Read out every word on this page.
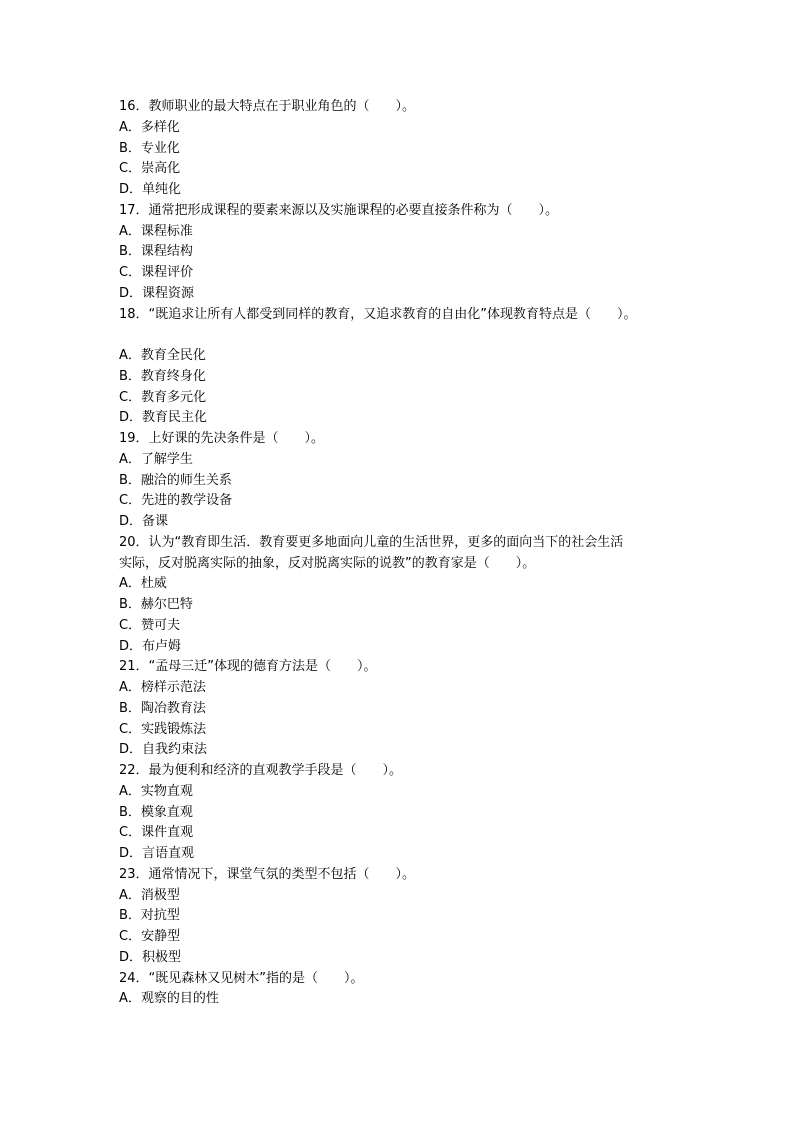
16．教师职业的最大特点在于职业角色的（　　）。
A．多样化
B．专业化
C．崇高化
D．单纯化
17．通常把形成课程的要素来源以及实施课程的必要直接条件称为（　　）。
A．课程标准
B．课程结构
C．课程评价
D．课程资源
18．“既追求让所有人都受到同样的教育，又追求教育的自由化”体现教育特点是（　　）。
A．教育全民化
B．教育终身化
C．教育多元化
D．教育民主化
19．上好课的先决条件是（　　）。
A．了解学生
B．融洽的师生关系
C．先进的教学设备
D．备课
20．认为“教育即生活．教育要更多地面向儿童的生活世界，更多的面向当下的社会生活
实际，反对脱离实际的抽象，反对脱离实际的说教”的教育家是（　　）。
A．杜威
B．赫尔巴特
C．赞可夫
D．布卢姆
21．“孟母三迁”体现的德育方法是（　　）。
A．榜样示范法
B．陶冶教育法
C．实践锻炼法
D．自我约束法
22．最为便利和经济的直观教学手段是（　　）。
A．实物直观
B．模象直观
C．课件直观
D．言语直观
23．通常情况下，课堂气氛的类型不包括（　　）。
A．消极型
B．对抗型
C．安静型
D．积极型
24．“既见森林又见树木”指的是（　　）。
A．观察的目的性
